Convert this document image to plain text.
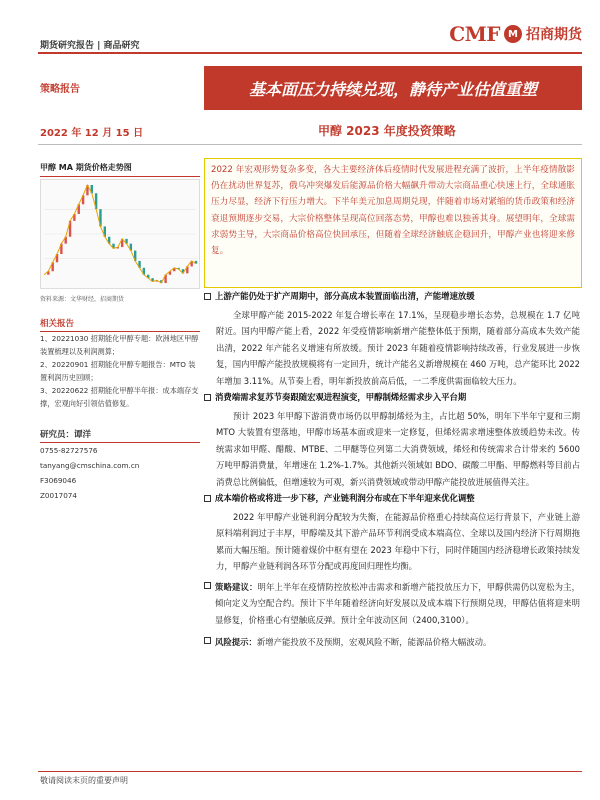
期货研究报告 | 商品研究	CMF M 招商期货
策略报告	基本面压力持续兑现，静待产业估值重塑
2022 年 12 月 15 日	甲醇 2023 年度投资策略
甲醇 MA 期货价格走势图
资料来源：文华财经，招商期货
相关报告
1、20221030 招期能化甲醇专题：欧洲地区甲醇装置梳理以及利润测算；
2、20220901 招期能化甲醇专题报告：MTO 装置利润历史回顾；
3、20220622 招期能化甲醇半年报：成本端存支撑，宏观向好引领估值修复。
研究员：谭洋
0755-82727576
tanyang@cmschina.com.cn
F3069046
Z0017074
2022 年宏观形势复杂多变，各大主要经济体后疫情时代发展进程充满了波折，上半年疫情散影仍在扰动世界复苏，俄乌冲突爆发后能源品价格大幅飙升带动大宗商品重心快速上行，全球通胀压力尽显，经济下行压力增大。下半年美元加息周期兑现，伴随着市场对紧缩的货币政策和经济衰退预期逐步交易，大宗价格整体呈现高位回落态势，甲醇也难以独善其身。展望明年，全球需求弱势主导，大宗商品价格高位快回承压，但随着全球经济触底企稳回升，甲醇产业也将迎来修复。
上游产能仍处于扩产周期中，部分高成本装置面临出清，产能增速放缓
全球甲醇产能 2015-2022 年复合增长率在 17.1%，呈现稳步增长态势，总规模在 1.7 亿吨附近。国内甲醇产能上看，2022 年受疫情影响新增产能整体低于预期，随着部分高成本失效产能出清，2022 年产能名义增速有所放缓。预计 2023 年随着疫情影响持续改善，行业发展进一步恢复，国内甲醇产能投放规模将有一定回升，统计产能名义新增规模在 460 万吨，总产能环比 2022 年增加 3.11%。从节奏上看，明年新投放前高后低，一二季度供需面临较大压力。
消费端需求复苏节奏跟随宏观进程演变，甲醇制烯烃需求步入平台期
预计 2023 年甲醇下游消费市场仍以甲醇制烯烃为主，占比超 50%，明年下半年宁夏和三期 MTO 大装置有望落地，甲醇市场基本面或迎来一定修复，但烯烃需求增速整体放缓趋势未改。传统需求如甲醛、醋酸、MTBE、二甲醚等位列第二大消费领域，烯烃和传统需求合计带来约 5600 万吨甲醇消费量，年增速在 1.2%-1.7%。其他新兴领域如 BDO、碳酸二甲酯、甲醇燃料等目前占消费总比例偏低，但增速较为可观，新兴消费领域或带动甲醇产能投放进展值得关注。
成本端价格或将进一步下移，产业链利润分布或在下半年迎来优化调整
2022 年甲醇产业链利润分配较为失衡，在能源品价格重心持续高位运行背景下，产业链上游原料端利润过于丰厚，甲醇端及其下游产品环节利润受成本端高位、全球以及国内经济下行周期拖累而大幅压缩。预计随着煤价中枢有望在 2023 年稳中下行，同时伴随国内经济稳增长政策持续发力，甲醇产业链利润各环节分配或再度回归理性均衡。
策略建议：明年上半年在疫情防控放松冲击需求和新增产能投放压力下，甲醇供需仍以宽松为主，倾向定义为空配合约。预计下半年随着经济向好发展以及成本端下行预期兑现，甲醇估值将迎来明显修复，价格重心有望触底反弹。预计全年波动区间（2400,3100）。
风险提示：新增产能投放不及预期，宏观风险不断，能源品价格大幅波动。
敬请阅读末页的重要声明
